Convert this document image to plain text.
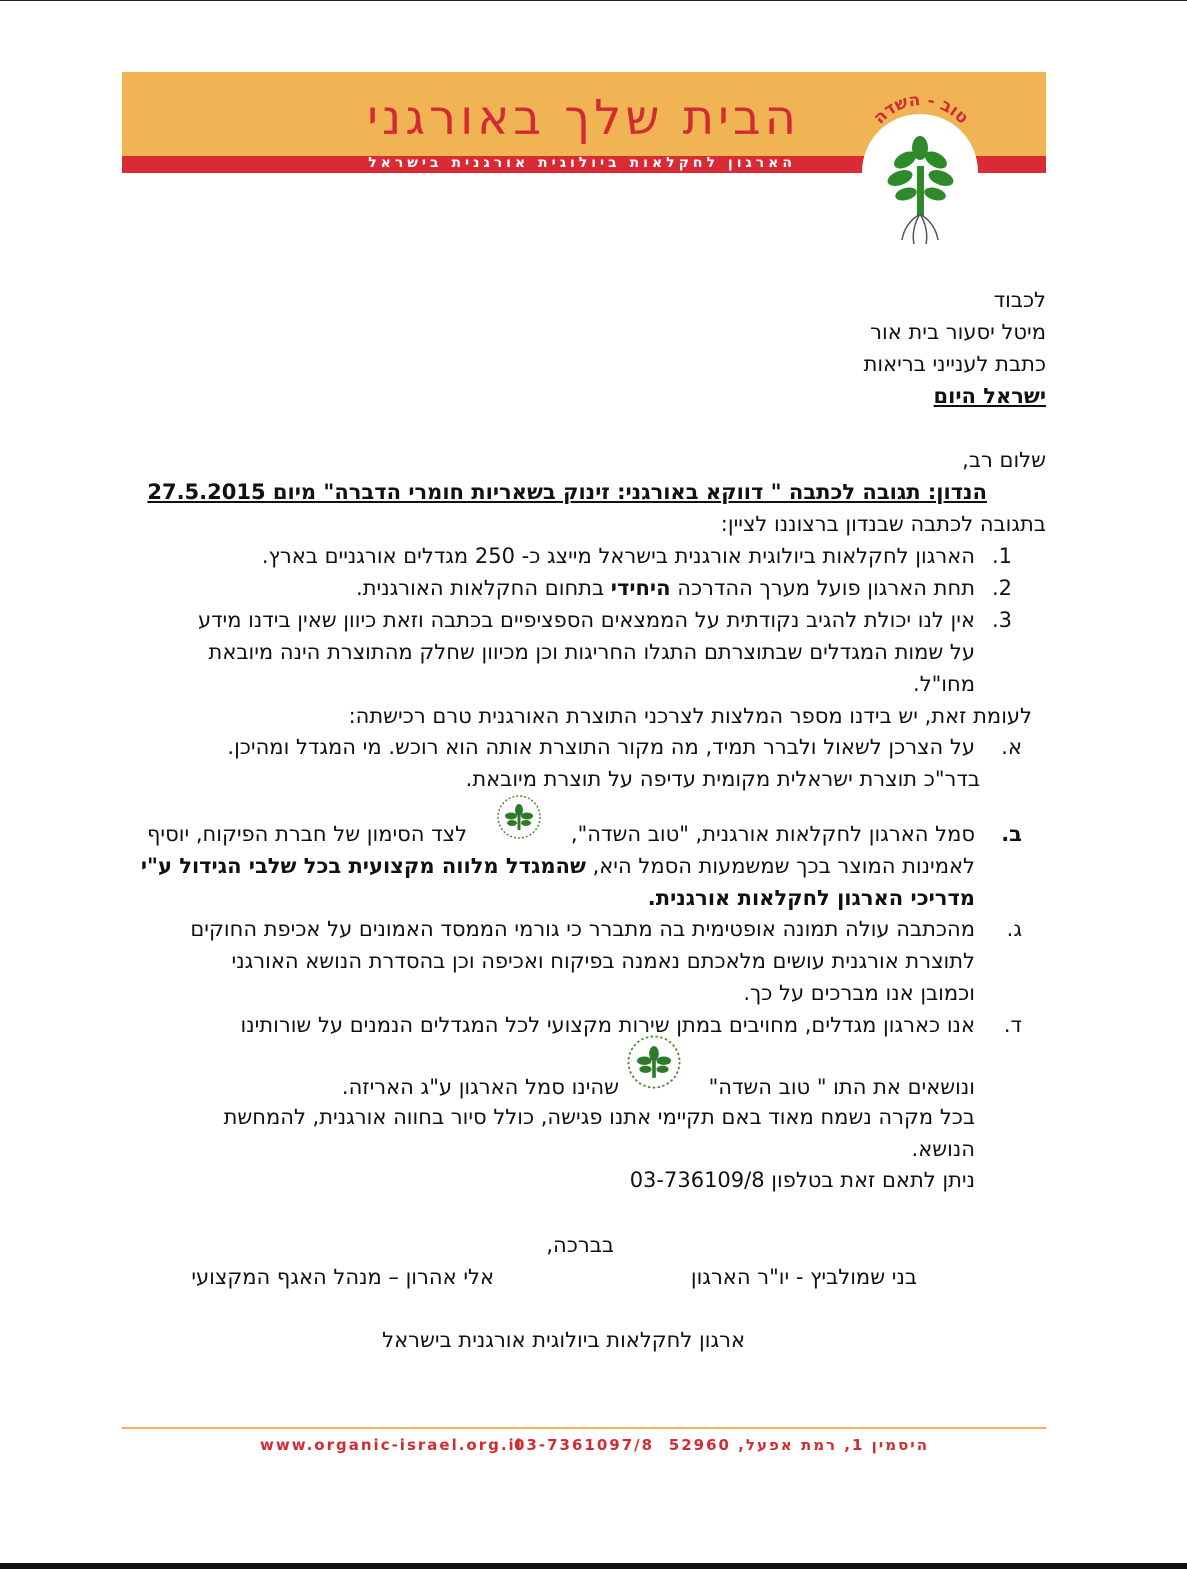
הבית שלך באורגני
הארגון לחקלאות ביולוגית אורגנית בישראל
טוב - השדה
לכבוד
מיטל יסעור בית אור
כתבת לענייני בריאות
ישראל היום
שלום רב,
הנדון: תגובה לכתבה " דווקא באורגני: זינוק בשאריות חומרי הדברה" מיום 27.5.2015
בתגובה לכתבה שבנדון ברצוננו לציין:
1.
הארגון לחקלאות ביולוגית אורגנית בישראל מייצג כ- 250 מגדלים אורגניים בארץ.
2.
תחת הארגון פועל מערך ההדרכה היחידי בתחום החקלאות האורגנית.
3.
אין לנו יכולת להגיב נקודתית על הממצאים הספציפיים בכתבה וזאת כיוון שאין בידנו מידע
על שמות המגדלים שבתוצרתם התגלו החריגות וכן מכיוון שחלק מהתוצרת הינה מיובאת
מחו"ל.
לעומת זאת, יש בידנו מספר המלצות לצרכני התוצרת האורגנית טרם רכישתה:
א.
על הצרכן לשאול ולברר תמיד, מה מקור התוצרת אותה הוא רוכש. מי המגדל ומהיכן.
בדר"כ תוצרת ישראלית מקומית עדיפה על תוצרת מיובאת.
ב.
סמל הארגון לחקלאות אורגנית, "טוב השדה",
לצד הסימון של חברת הפיקוח, יוסיף
לאמינות המוצר בכך שמשמעות הסמל היא, שהמגדל מלווה מקצועית בכל שלבי הגידול ע"י
מדריכי הארגון לחקלאות אורגנית.
ג.
מהכתבה עולה תמונה אופטימית בה מתברר כי גורמי הממסד האמונים על אכיפת החוקים
לתוצרת אורגנית עושים מלאכתם נאמנה בפיקוח ואכיפה וכן בהסדרת הנושא האורגני
וכמובן אנו מברכים על כך.
ד.
אנו כארגון מגדלים, מחויבים במתן שירות מקצועי לכל המגדלים הנמנים על שורותינו
ונושאים את התו " טוב השדה"
שהינו סמל הארגון ע"ג האריזה.
בכל מקרה נשמח מאוד באם תקיימי אתנו פגישה, כולל סיור בחווה אורגנית, להמחשת
הנושא.
ניתן לתאם זאת בטלפון 03-736109/8
בברכה,
בני שמולביץ - יו"ר הארגון
אלי אהרון – מנהל האגף המקצועי
ארגון לחקלאות ביולוגית אורגנית בישראל
www.organic-israel.org.il
03-7361097/8 היסמין 1, רמת אפעל, 52960
